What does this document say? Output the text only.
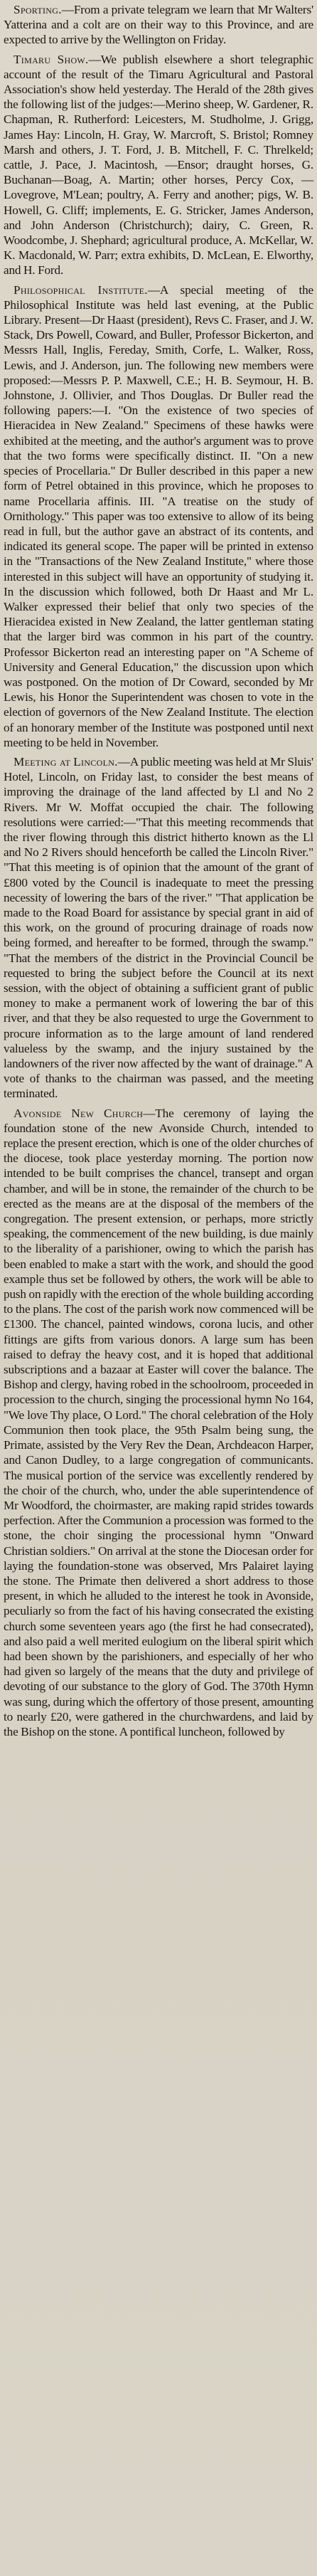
Sporting.—From a private telegram we learn that Mr Walters' Yatterina and a colt are on their way to this Province, and are expected to arrive by the Wellington on Friday.

Timaru Show.—We publish elsewhere a short telegraphic account of the result of the Timaru Agricultural and Pastoral Association's show held yesterday. The Herald of the 28th gives the following list of the judges:—Merino sheep, W. Gardener, R. Chapman, R. Rutherford: Leicesters, M. Studholme, J. Grigg, James Hay: Lincoln, H. Gray, W. Marcroft, S. Bristol; Romney Marsh and others, J. T. Ford, J. B. Mitchell, F. C. Threlkeld; cattle, J. Pace, J. Macintosh, —Ensor; draught horses, G. Buchanan—Boag, A. Martin; other horses, Percy Cox, —Lovegrove, M'Lean; poultry, A. Ferry and another; pigs, W. B. Howell, G. Cliff; implements, E. G. Stricker, James Anderson, and John Anderson (Christchurch); dairy, C. Green, R. Woodcombe, J. Shephard; agricultural produce, A. McKellar, W. K. Macdonald, W. Parr; extra exhibits, D. McLean, E. Elworthy, and H. Ford.

Philosophical Institute.—A special meeting of the Philosophical Institute was held last evening, at the Public Library. Present—Dr Haast (president), Revs C. Fraser, and J. W. Stack, Drs Powell, Coward, and Buller, Professor Bickerton, and Messrs Hall, Inglis, Fereday, Smith, Corfe, L. Walker, Ross, Lewis, and J. Anderson, jun. The following new members were proposed:—Messrs P. P. Maxwell, C.E.; H. B. Seymour, H. B. Johnstone, J. Ollivier, and Thos Douglas. Dr Buller read the following papers:—I. "On the existence of two species of Hieracidea in New Zealand." Specimens of these hawks were exhibited at the meeting, and the author's argument was to prove that the two forms were specifically distinct. II. "On a new species of Procellaria." Dr Buller described in this paper a new form of Petrel obtained in this province, which he proposes to name Procellaria affinis. III. "A treatise on the study of Ornithology." This paper was too extensive to allow of its being read in full, but the author gave an abstract of its contents, and indicated its general scope. The paper will be printed in extenso in the "Transactions of the New Zealand Institute," where those interested in this subject will have an opportunity of studying it. In the discussion which followed, both Dr Haast and Mr L. Walker expressed their belief that only two species of the Hieracidea existed in New Zealand, the latter gentleman stating that the larger bird was common in his part of the country. Professor Bickerton read an interesting paper on "A Scheme of University and General Education," the discussion upon which was postponed. On the motion of Dr Coward, seconded by Mr Lewis, his Honor the Superintendent was chosen to vote in the election of governors of the New Zealand Institute. The election of an honorary member of the Institute was postponed until next meeting to be held in November.

Meeting at Lincoln.—A public meeting was held at Mr Sluis' Hotel, Lincoln, on Friday last, to consider the best means of improving the drainage of the land affected by Ll and No 2 Rivers. Mr W. Moffat occupied the chair. The following resolutions were carried:—"That this meeting recommends that the river flowing through this district hitherto known as the Ll and No 2 Rivers should henceforth be called the Lincoln River." "That this meeting is of opinion that the amount of the grant of £800 voted by the Council is inadequate to meet the pressing necessity of lowering the bars of the river." "That application be made to the Road Board for assistance by special grant in aid of this work, on the ground of procuring drainage of roads now being formed, and hereafter to be formed, through the swamp." "That the members of the district in the Provincial Council be requested to bring the subject before the Council at its next session, with the object of obtaining a sufficient grant of public money to make a permanent work of lowering the bar of this river, and that they be also requested to urge the Government to procure information as to the large amount of land rendered valueless by the swamp, and the injury sustained by the landowners of the river now affected by the want of drainage." A vote of thanks to the chairman was passed, and the meeting terminated.

Avonside New Church—The ceremony of laying the foundation stone of the new Avonside Church, intended to replace the present erection, which is one of the older churches of the diocese, took place yesterday morning. The portion now intended to be built comprises the chancel, transept and organ chamber, and will be in stone, the remainder of the church to be erected as the means are at the disposal of the members of the congregation. The present extension, or perhaps, more strictly speaking, the commencement of the new building, is due mainly to the liberality of a parishioner, owing to which the parish has been enabled to make a start with the work, and should the good example thus set be followed by others, the work will be able to push on rapidly with the erection of the whole building according to the plans. The cost of the parish work now commenced will be £1300. The chancel, painted windows, corona lucis, and other fittings are gifts from various donors. A large sum has been raised to defray the heavy cost, and it is hoped that additional subscriptions and a bazaar at Easter will cover the balance. The Bishop and clergy, having robed in the schoolroom, proceeded in procession to the church, singing the processional hymn No 164, "We love Thy place, O Lord." The choral celebration of the Holy Communion then took place, the 95th Psalm being sung, the Primate, assisted by the Very Rev the Dean, Archdeacon Harper, and Canon Dudley, to a large congregation of communicants. The musical portion of the service was excellently rendered by the choir of the church, who, under the able superintendence of Mr Woodford, the choirmaster, are making rapid strides towards perfection. After the Communion a procession was formed to the stone, the choir singing the processional hymn "Onward Christian soldiers." On arrival at the stone the Diocesan order for laying the foundation-stone was observed, Mrs Palairet laying the stone. The Primate then delivered a short address to those present, in which he alluded to the interest he took in Avonside, peculiarly so from the fact of his having consecrated the existing church some seventeen years ago (the first he had consecrated), and also paid a well merited eulogium on the liberal spirit which had been shown by the parishioners, and especially of her who had given so largely of the means that the duty and privilege of devoting of our substance to the glory of God. The 370th Hymn was sung, during which the offertory of those present, amounting to nearly £20, were gathered in the churchwardens, and laid by the Bishop on the stone. A pontifical luncheon, followed by
